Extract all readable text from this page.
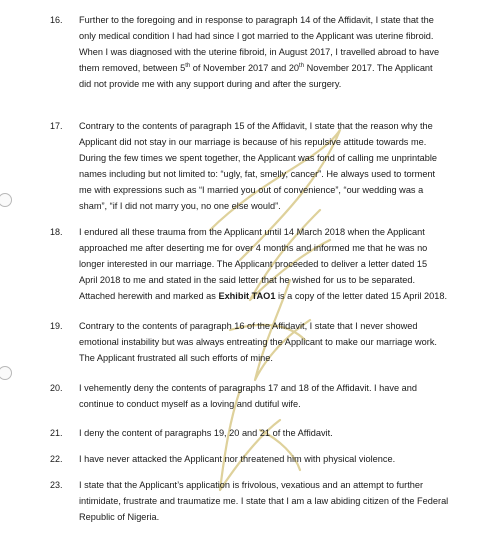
16. Further to the foregoing and in response to paragraph 14 of the Affidavit, I state that the
only medical condition I had had since I got married to the Applicant was uterine fibroid.
When I was diagnosed with the uterine fibroid, in August 2017, I travelled abroad to have
them removed, between 5th of November 2017 and 20th November 2017. The Applicant
did not provide me with any support during and after the surgery.
17. Contrary to the contents of paragraph 15 of the Affidavit, I state that the reason why the
Applicant did not stay in our marriage is because of his repulsive attitude towards me.
During the few times we spent together, the Applicant was fond of calling me unprintable
names including but not limited to: “ugly, fat, smelly, cancer”. He always used to torment
me with expressions such as “I married you out of convenience”, “our wedding was a
sham”, “if I did not marry you, no one else would”.
18. I endured all these trauma from the Applicant until 14 March 2018 when the Applicant
approached me after deserting me for over 4 months and informed me that he was no
longer interested in our marriage. The Applicant proceeded to deliver a letter dated 15
April 2018 to me and stated in the said letter that he wished for us to be separated.
Attached herewith and marked as Exhibit TAO1 is a copy of the letter dated 15 April 2018.
19. Contrary to the contents of paragraph 16 of the Affidavit, I state that I never showed
emotional instability but was always entreating the Applicant to make our marriage work.
The Applicant frustrated all such efforts of mine.
20. I vehemently deny the contents of paragraphs 17 and 18 of the Affidavit. I have and
continue to conduct myself as a loving and dutiful wife.
21. I deny the content of paragraphs 19, 20 and 21 of the Affidavit.
22. I have never attacked the Applicant nor threatened him with physical violence.
23. I state that the Applicant’s application is frivolous, vexatious and an attempt to further
intimidate, frustrate and traumatize me. I state that I am a law abiding citizen of the Federal
Republic of Nigeria.
